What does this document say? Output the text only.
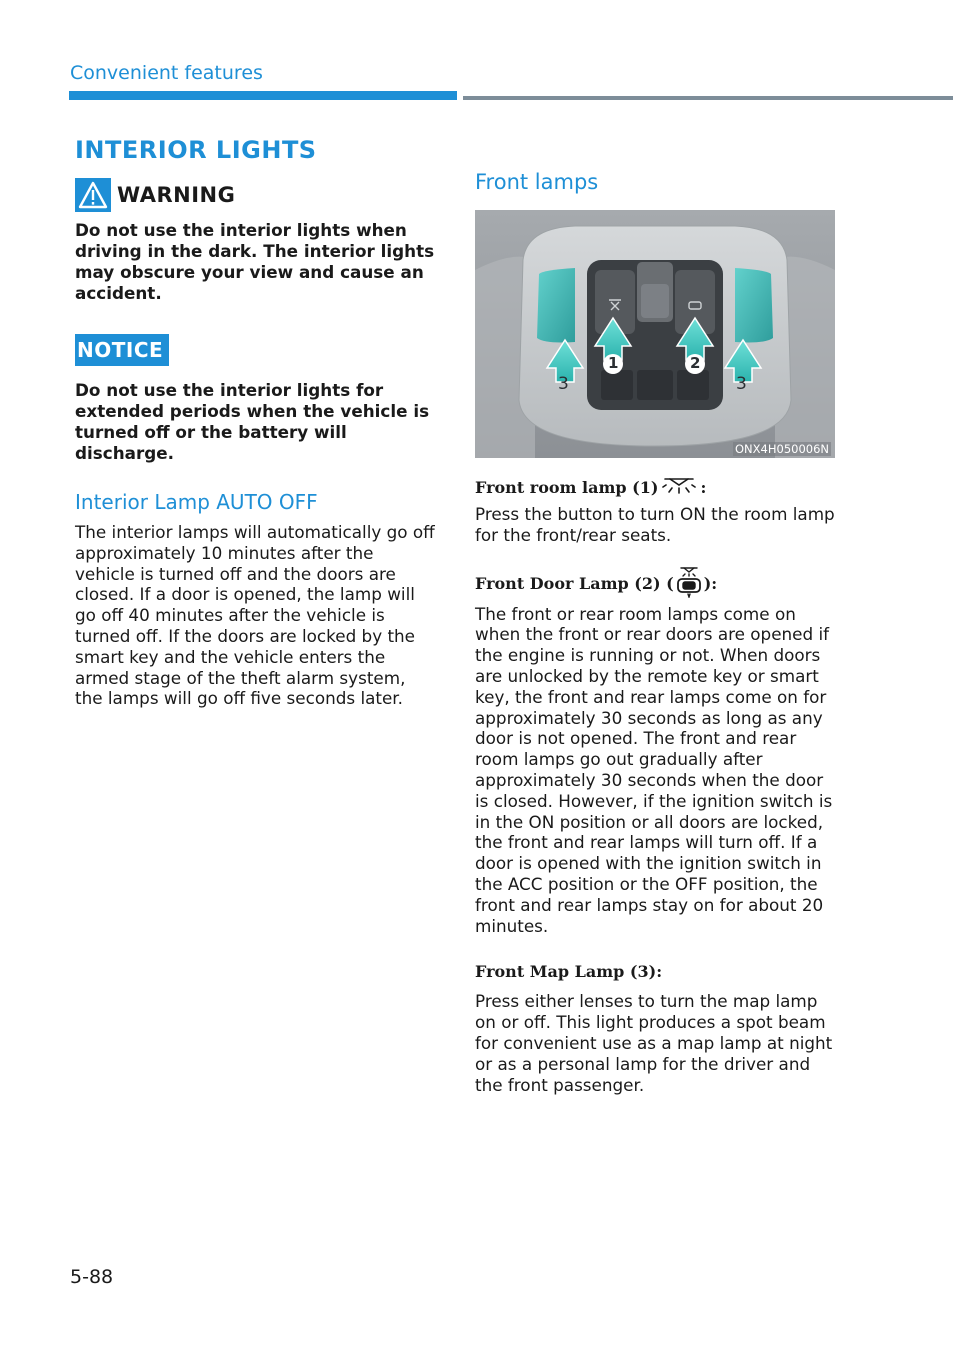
Convenient features
INTERIOR LIGHTS
WARNING

Do not use the interior lights when driving in the dark. The interior lights may obscure your view and cause an accident.

NOTICE

Do not use the interior lights for extended periods when the vehicle is turned off or the battery will discharge.

Interior Lamp AUTO OFF

The interior lamps will automatically go off approximately 10 minutes after the vehicle is turned off and the doors are closed. If a door is opened, the lamp will go off 40 minutes after the vehicle is turned off. If the doors are locked by the smart key and the vehicle enters the armed stage of the theft alarm system, the lamps will go off five seconds later.

Front lamps
3
1	2
3
ONX4H050006N
Front room lamp (1)	:

Press the button to turn ON the room lamp for the front/rear seats.

Front Door Lamp (2) ( ):

The front or rear room lamps come on when the front or rear doors are opened if the engine is running or not. When doors are unlocked by the remote key or smart key, the front and rear lamps come on for approximately 30 seconds as long as any door is not opened. The front and rear room lamps go out gradually after approximately 30 seconds when the door is closed. However, if the ignition switch is in the ON position or all doors are locked, the front and rear lamps will turn off. If a door is opened with the ignition switch in the ACC position or the OFF position, the front and rear lamps stay on for about 20 minutes.

Front Map Lamp (3):

Press either lenses to turn the map lamp on or off. This light produces a spot beam for convenient use as a map lamp at night or as a personal lamp for the driver and the front passenger.

5-88
